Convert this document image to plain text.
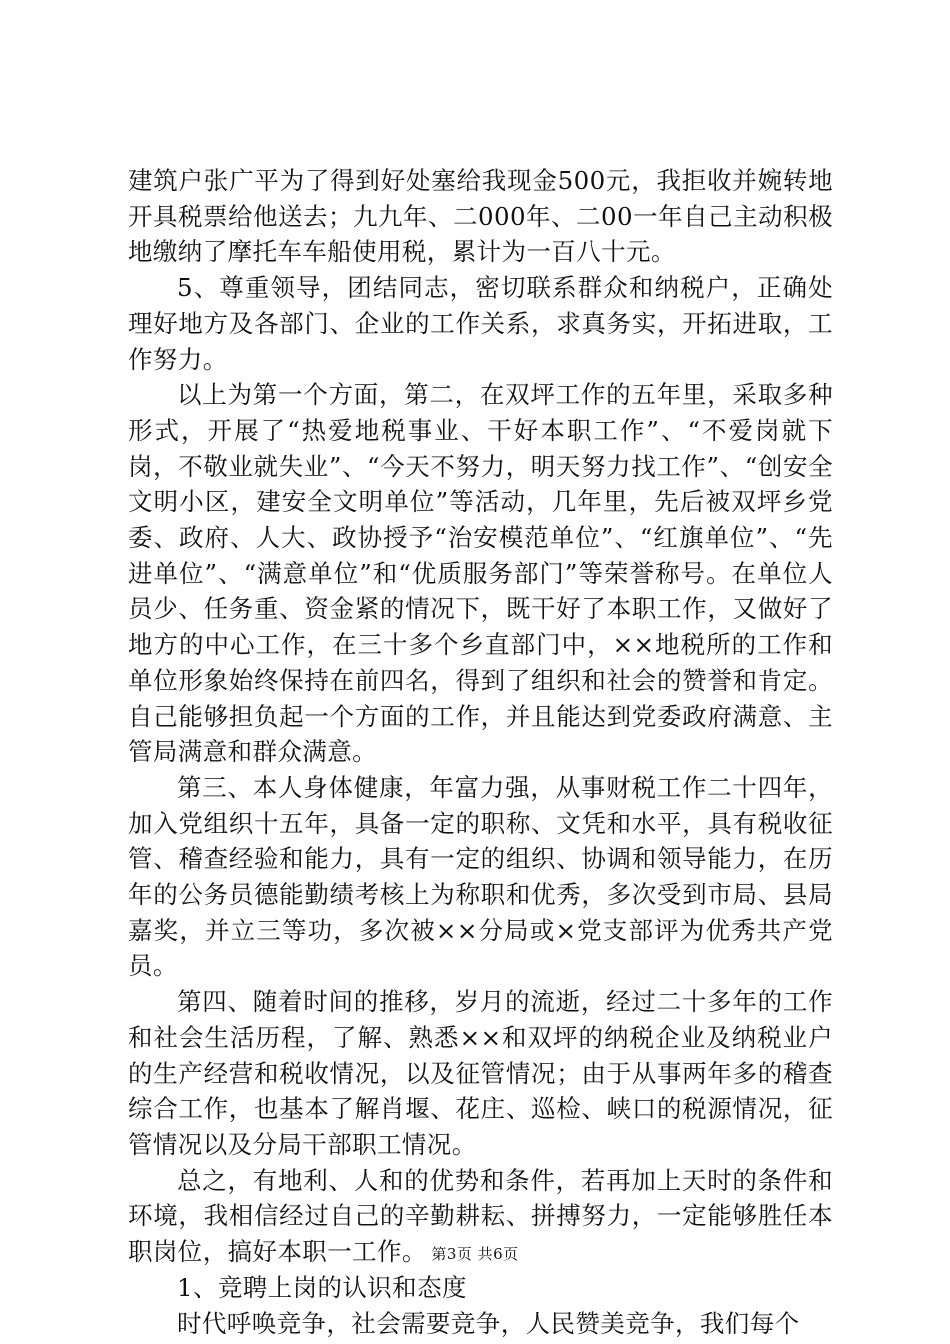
建筑户张广平为了得到好处塞给我现金500元，我拒收并婉转地开具税票给他送去；九九年、二000年、二00一年自己主动积极地缴纳了摩托车车船使用税，累计为一百八十元。

5、尊重领导，团结同志，密切联系群众和纳税户，正确处理好地方及各部门、企业的工作关系，求真务实，开拓进取，工作努力。

以上为第一个方面，第二，在双坪工作的五年里，采取多种形式，开展了“热爱地税事业、干好本职工作”、“不爱岗就下岗，不敬业就失业”、“今天不努力，明天努力找工作”、“创安全文明小区，建安全文明单位”等活动，几年里，先后被双坪乡党委、政府、人大、政协授予“治安模范单位”、“红旗单位”、“先进单位”、“满意单位”和“优质服务部门”等荣誉称号。在单位人员少、任务重、资金紧的情况下，既干好了本职工作，又做好了地方的中心工作，在三十多个乡直部门中，××地税所的工作和单位形象始终保持在前四名，得到了组织和社会的赞誉和肯定。自己能够担负起一个方面的工作，并且能达到党委政府满意、主管局满意和群众满意。

第三、本人身体健康，年富力强，从事财税工作二十四年，加入党组织十五年，具备一定的职称、文凭和水平，具有税收征管、稽查经验和能力，具有一定的组织、协调和领导能力，在历年的公务员德能勤绩考核上为称职和优秀，多次受到市局、县局嘉奖，并立三等功，多次被××分局或×党支部评为优秀共产党员。

第四、随着时间的推移，岁月的流逝，经过二十多年的工作和社会生活历程，了解、熟悉××和双坪的纳税企业及纳税业户的生产经营和税收情况，以及征管情况；由于从事两年多的稽查综合工作，也基本了解肖堰、花庄、巡检、峡口的税源情况，征管情况以及分局干部职工情况。

总之，有地利、人和的优势和条件，若再加上天时的条件和环境，我相信经过自己的辛勤耕耘、拼搏努力，一定能够胜任本职岗位，搞好本职一工作。

1、竞聘上岗的认识和态度

时代呼唤竞争，社会需要竞争，人民赞美竞争，我们每个

第3页 共6页
